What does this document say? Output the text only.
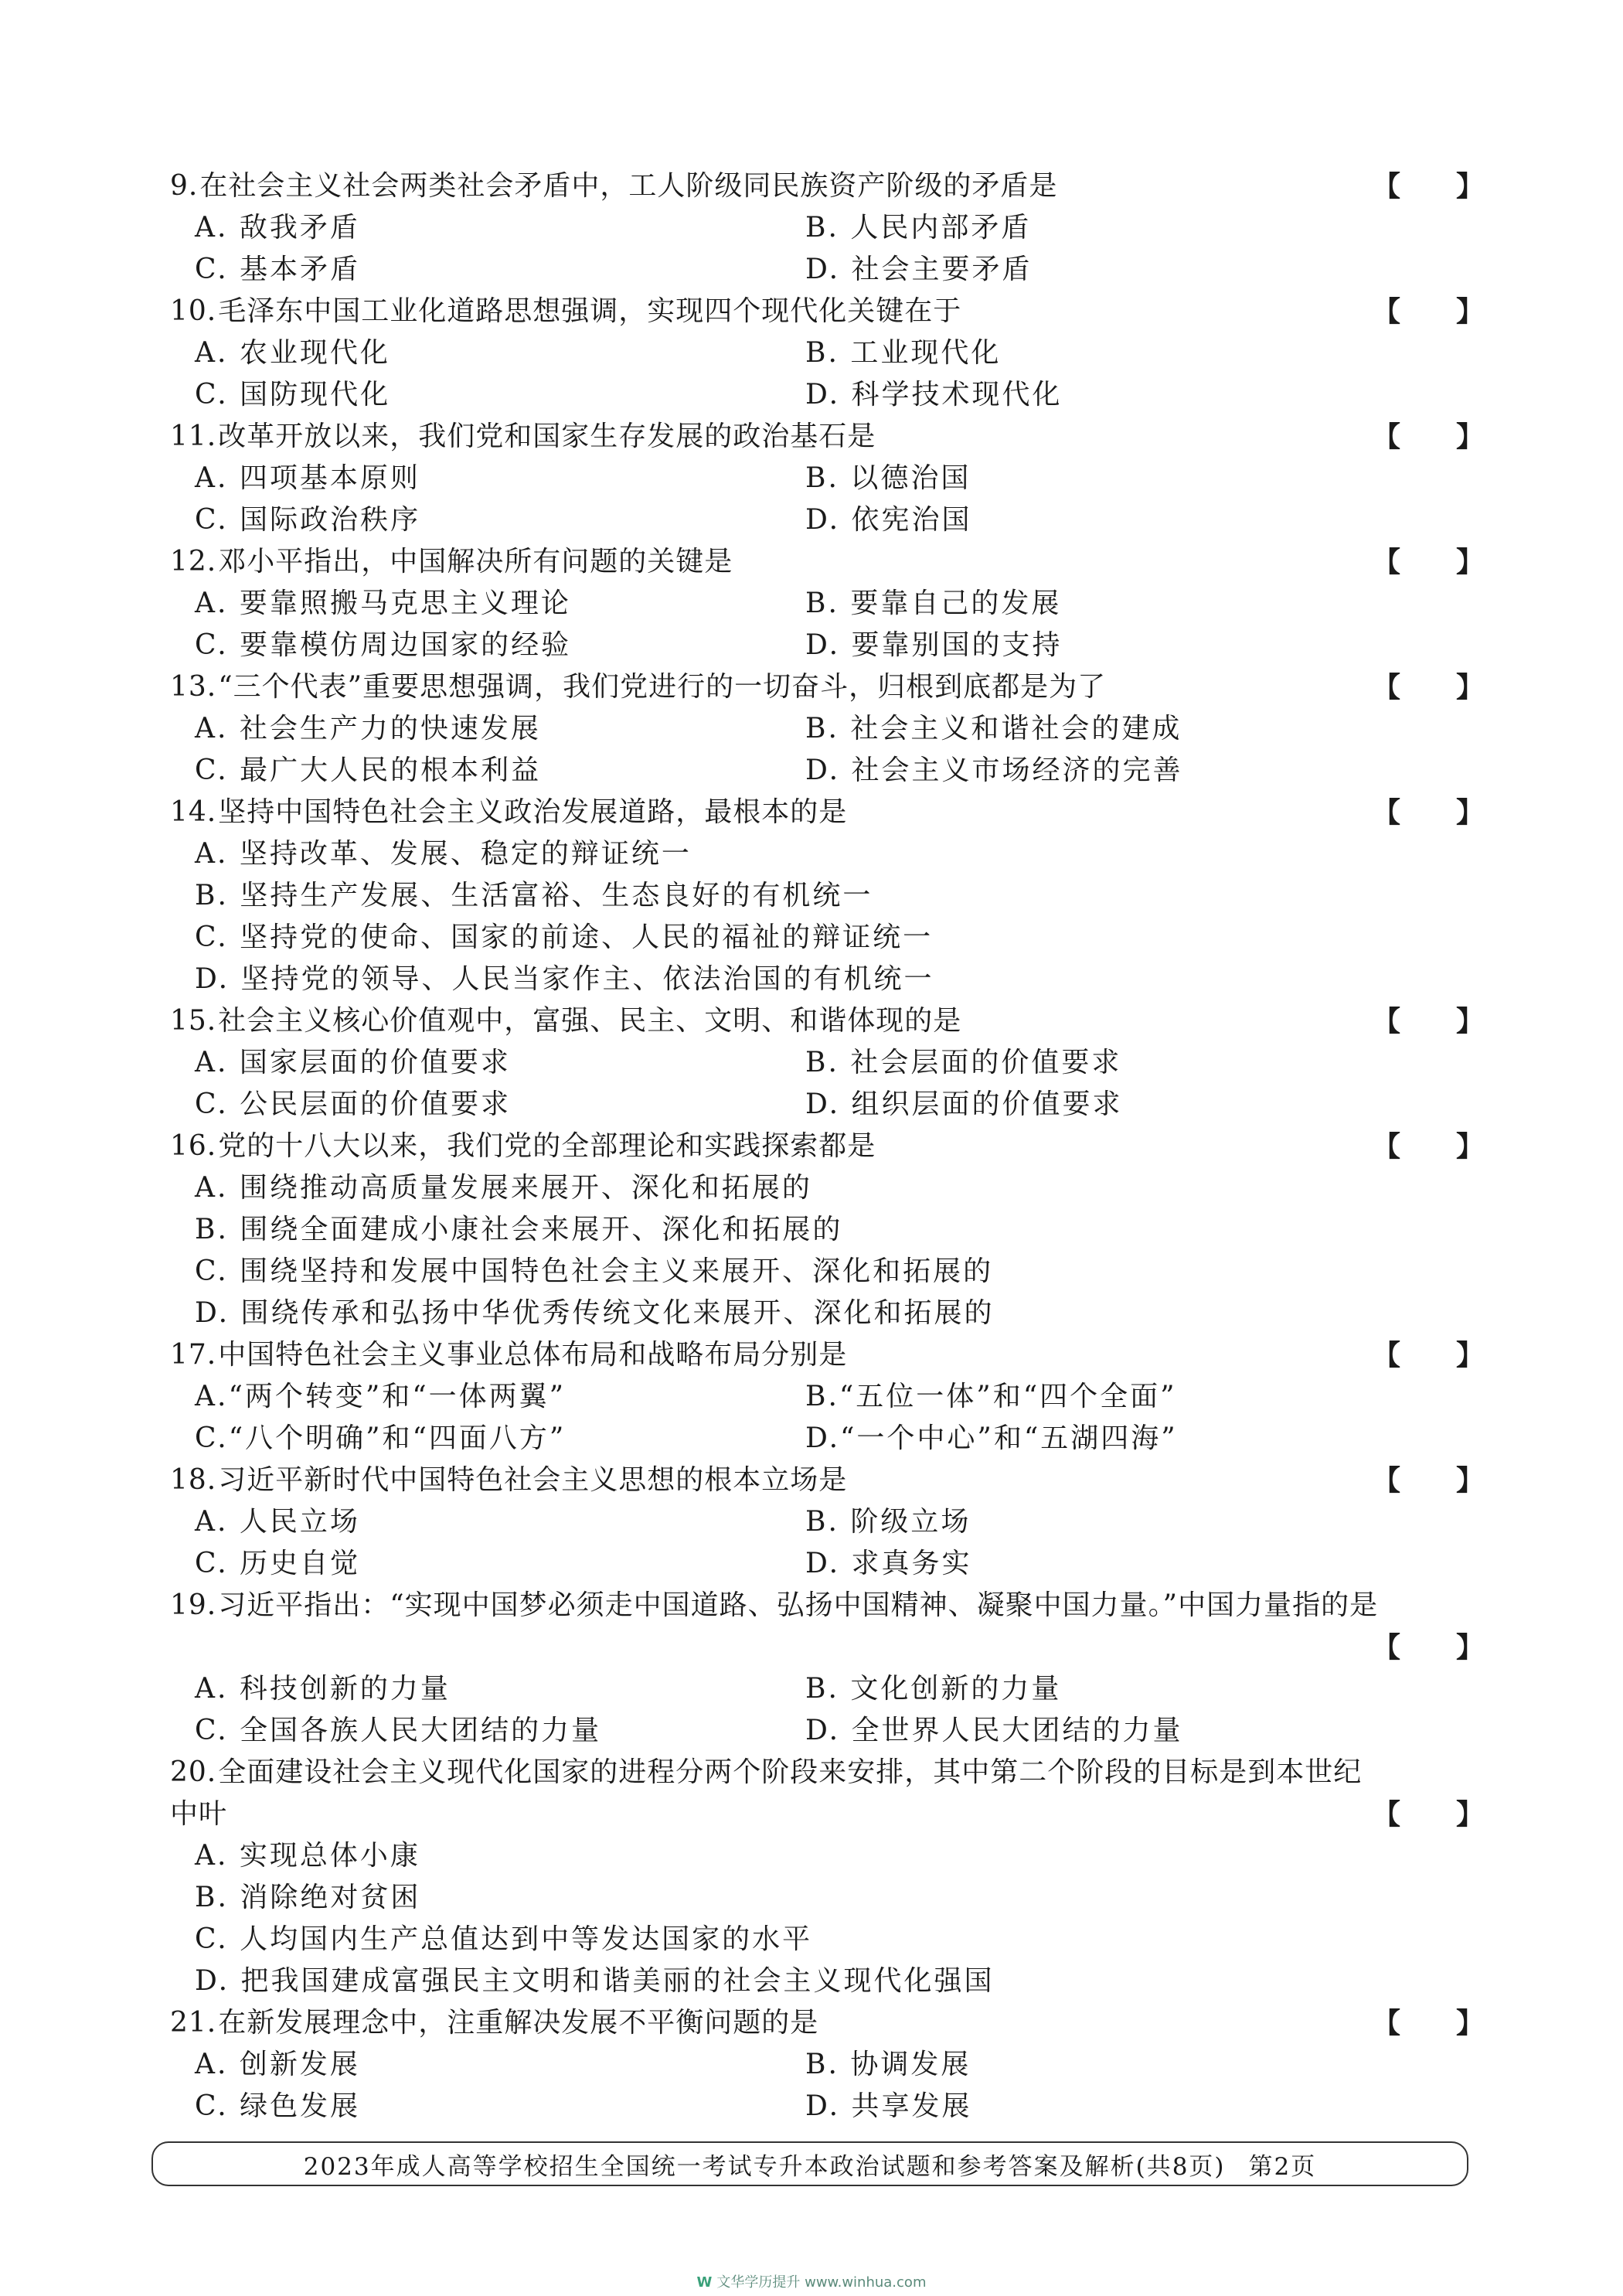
9.在社会主义社会两类社会矛盾中，工人阶级同民族资产阶级的矛盾是	【　　】
A. 敌我矛盾	B. 人民内部矛盾
C. 基本矛盾	D. 社会主要矛盾
10.毛泽东中国工业化道路思想强调，实现四个现代化关键在于	【　　】
A. 农业现代化	B. 工业现代化
C. 国防现代化	D. 科学技术现代化
11.改革开放以来，我们党和国家生存发展的政治基石是	【　　】
A. 四项基本原则	B. 以德治国
C. 国际政治秩序	D. 依宪治国
12.邓小平指出，中国解决所有问题的关键是	【　　】
A. 要靠照搬马克思主义理论	B. 要靠自己的发展
C. 要靠模仿周边国家的经验	D. 要靠别国的支持
13.“三个代表”重要思想强调，我们党进行的一切奋斗，归根到底都是为了	【　　】
A. 社会生产力的快速发展	B. 社会主义和谐社会的建成
C. 最广大人民的根本利益	D. 社会主义市场经济的完善
14.坚持中国特色社会主义政治发展道路，最根本的是	【　　】
A. 坚持改革、发展、稳定的辩证统一
B. 坚持生产发展、生活富裕、生态良好的有机统一
C. 坚持党的使命、国家的前途、人民的福祉的辩证统一
D. 坚持党的领导、人民当家作主、依法治国的有机统一
15.社会主义核心价值观中，富强、民主、文明、和谐体现的是	【　　】
A. 国家层面的价值要求	B. 社会层面的价值要求
C. 公民层面的价值要求	D. 组织层面的价值要求
16.党的十八大以来，我们党的全部理论和实践探索都是	【　　】
A. 围绕推动高质量发展来展开、深化和拓展的
B. 围绕全面建成小康社会来展开、深化和拓展的
C. 围绕坚持和发展中国特色社会主义来展开、深化和拓展的
D. 围绕传承和弘扬中华优秀传统文化来展开、深化和拓展的
17.中国特色社会主义事业总体布局和战略布局分别是	【　　】
A.“两个转变”和“一体两翼”	B.“五位一体”和“四个全面”
C.“八个明确”和“四面八方”	D.“一个中心”和“五湖四海”
18.习近平新时代中国特色社会主义思想的根本立场是	【　　】
A. 人民立场	B. 阶级立场
C. 历史自觉	D. 求真务实
19.习近平指出：“实现中国梦必须走中国道路、弘扬中国精神、凝聚中国力量。”中国力量指的是
【　　】
A. 科技创新的力量	B. 文化创新的力量
C. 全国各族人民大团结的力量	D. 全世界人民大团结的力量
20.全面建设社会主义现代化国家的进程分两个阶段来安排，其中第二个阶段的目标是到本世纪
中叶	【　　】
A. 实现总体小康
B. 消除绝对贫困
C. 人均国内生产总值达到中等发达国家的水平
D. 把我国建成富强民主文明和谐美丽的社会主义现代化强国
21.在新发展理念中，注重解决发展不平衡问题的是	【　　】
A. 创新发展	B. 协调发展
C. 绿色发展	D. 共享发展
2023年成人高等学校招生全国统一考试专升本政治试题和参考答案及解析(共8页) 第2页
W 文华学历提升 www.winhua.com
